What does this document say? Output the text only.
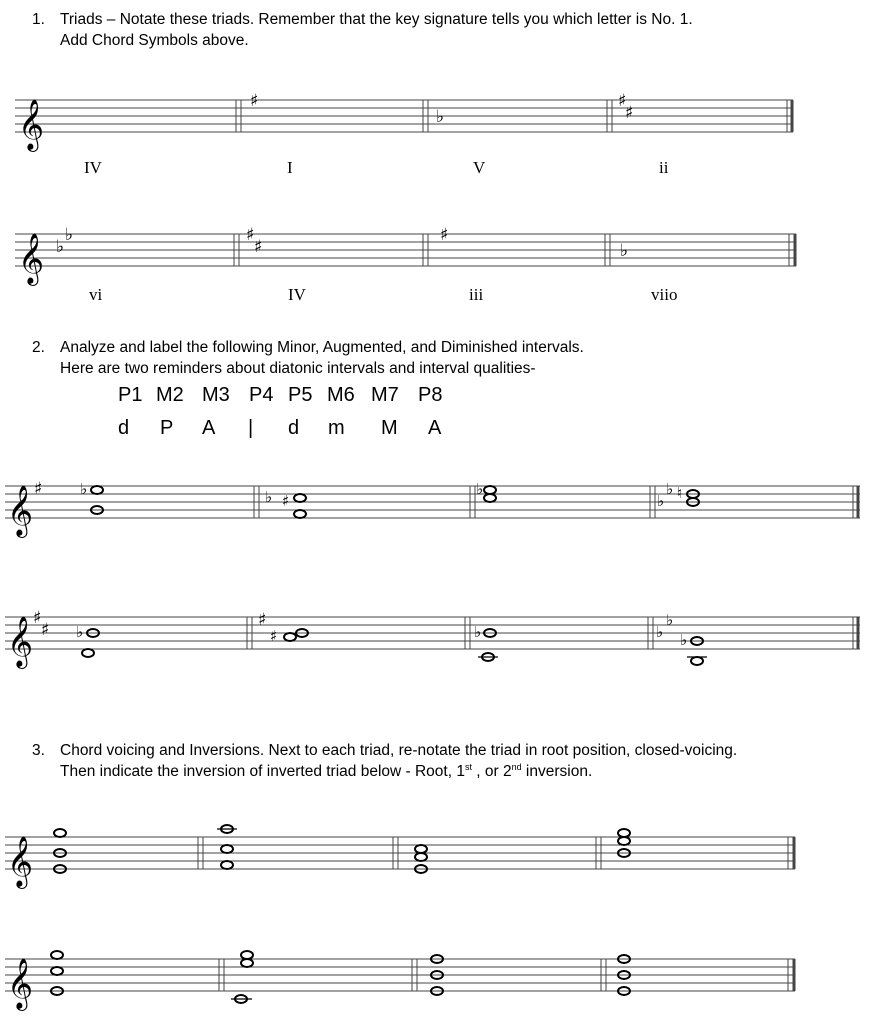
1. Triads – Notate these triads. Remember that the key signature tells you which letter is No. 1.
Add Chord Symbols above.
2. Analyze and label the following Minor, Augmented, and Diminished intervals.
Here are two reminders about diatonic intervals and interval qualities-
P1 M2 M3 P4 P5 M6 M7 P8
d P A | d m M A
3. Chord voicing and Inversions. Next to each triad, re-notate the triad in root position, closed-voicing.
Then indicate the inversion of inverted triad below - Root, 1st , or 2nd inversion.
𝄞	♯
♭
♯
♯
IV	I	V	ii
𝄞 ♭
♭	♯
♯
♯
♭
vi	IV	iii	viio
𝄞 ♯	♭	♭ ♯
♭
♭
♭ ♮
𝄞 ♯
♯ ♭
♯
♯	♭	♭
♭
♭
𝄞
𝄞
